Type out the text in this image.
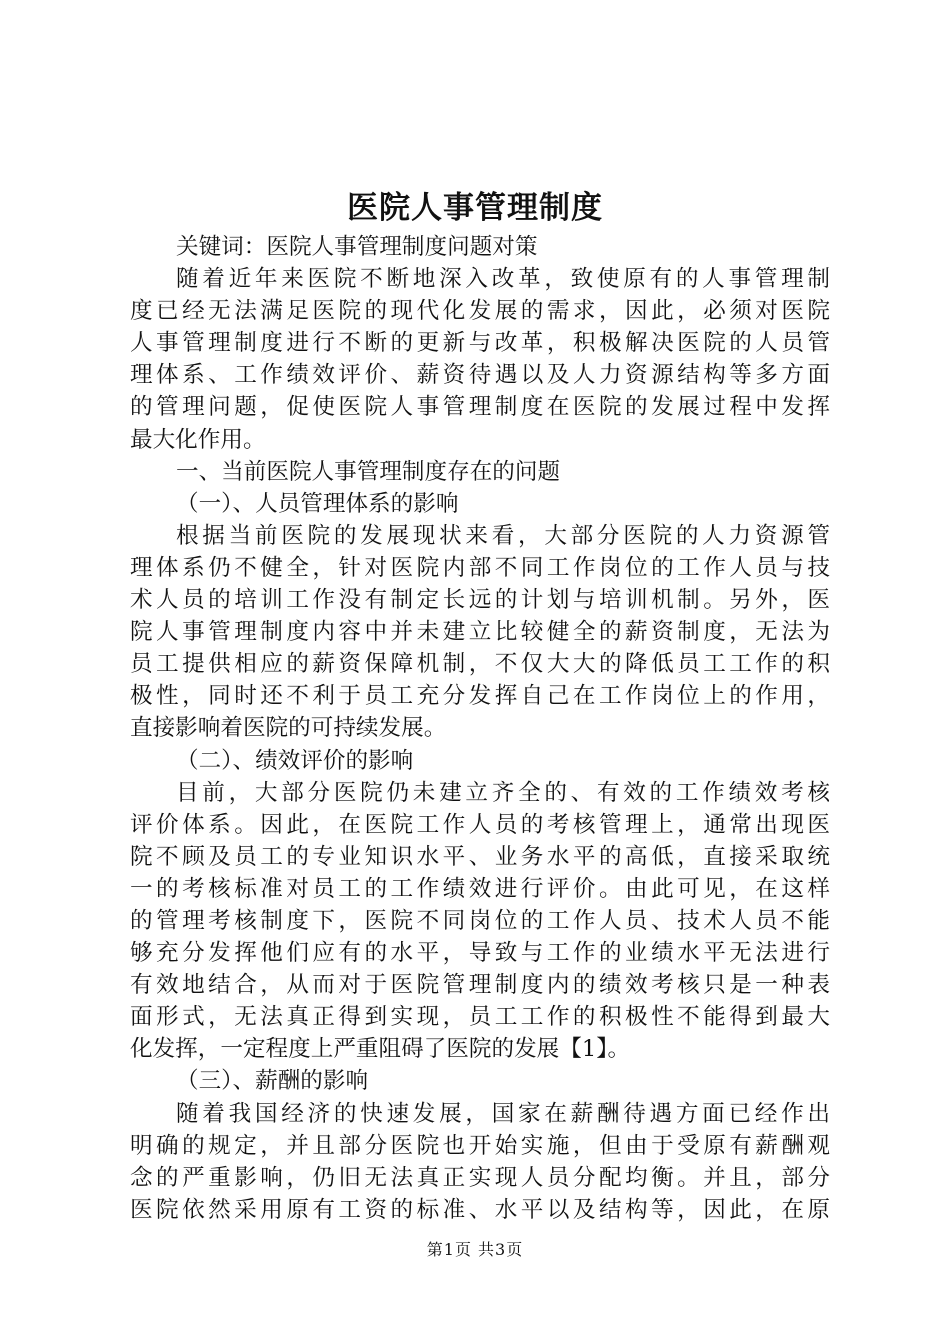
医院人事管理制度
关键词：医院人事管理制度问题对策
随着近年来医院不断地深入改革，致使原有的人事管理制
度已经无法满足医院的现代化发展的需求，因此，必须对医院
人事管理制度进行不断的更新与改革，积极解决医院的人员管
理体系、工作绩效评价、薪资待遇以及人力资源结构等多方面
的管理问题，促使医院人事管理制度在医院的发展过程中发挥
最大化作用。
一、当前医院人事管理制度存在的问题
（一）、人员管理体系的影响
根据当前医院的发展现状来看，大部分医院的人力资源管
理体系仍不健全，针对医院内部不同工作岗位的工作人员与技
术人员的培训工作没有制定长远的计划与培训机制。另外，医
院人事管理制度内容中并未建立比较健全的薪资制度，无法为
员工提供相应的薪资保障机制，不仅大大的降低员工工作的积
极性，同时还不利于员工充分发挥自己在工作岗位上的作用，
直接影响着医院的可持续发展。
（二）、绩效评价的影响
目前，大部分医院仍未建立齐全的、有效的工作绩效考核
评价体系。因此，在医院工作人员的考核管理上，通常出现医
院不顾及员工的专业知识水平、业务水平的高低，直接采取统
一的考核标准对员工的工作绩效进行评价。由此可见，在这样
的管理考核制度下，医院不同岗位的工作人员、技术人员不能
够充分发挥他们应有的水平，导致与工作的业绩水平无法进行
有效地结合，从而对于医院管理制度内的绩效考核只是一种表
面形式，无法真正得到实现，员工工作的积极性不能得到最大
化发挥，一定程度上严重阻碍了医院的发展【1】。
（三）、薪酬的影响
随着我国经济的快速发展，国家在薪酬待遇方面已经作出
明确的规定，并且部分医院也开始实施，但由于受原有薪酬观
念的严重影响，仍旧无法真正实现人员分配均衡。并且，部分
医院依然采用原有工资的标准、水平以及结构等，因此，在原
第1页 共3页
